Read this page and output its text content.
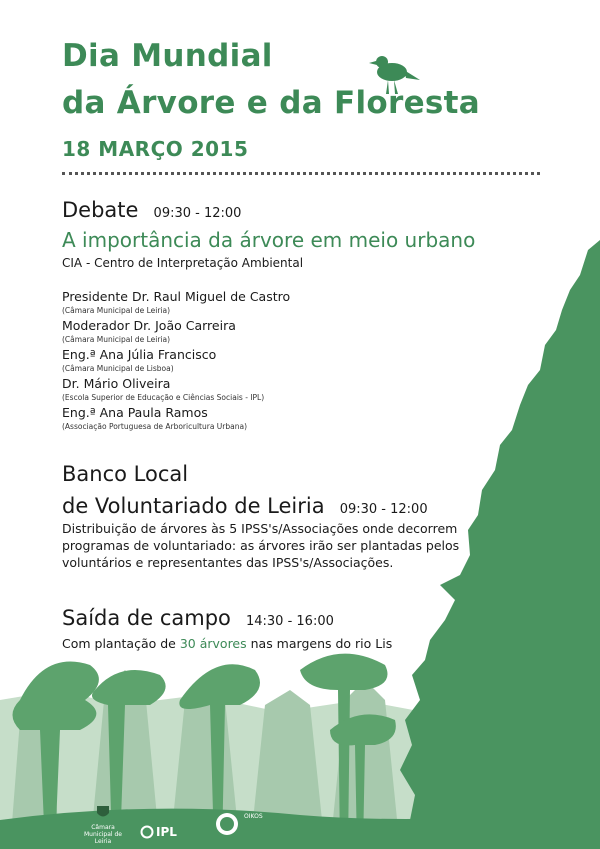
Dia Mundial
da Árvore e da Floresta
18 MARÇO 2015
Debate 09:30 - 12:00
A importância da árvore em meio urbano
CIA - Centro de Interpretação Ambiental
Presidente Dr. Raul Miguel de Castro
(Câmara Municipal de Leiria)
Moderador Dr. João Carreira
(Câmara Municipal de Leiria)
Eng.ª Ana Júlia Francisco
(Câmara Municipal de Lisboa)
Dr. Mário Oliveira
(Escola Superior de Educação e Ciências Sociais - IPL)
Eng.ª Ana Paula Ramos
(Associação Portuguesa de Arboricultura Urbana)
Banco Local
de Voluntariado de Leiria 09:30 - 12:00
Distribuição de árvores às 5 IPSS's/Associações onde decorrem programas de voluntariado: as árvores irão ser plantadas pelos voluntários e representantes das IPSS's/Associações.
Saída de campo 14:30 - 16:00
Com plantação de 30 árvores nas margens do rio Lis
Câmara Municipal de Leiria
IPL
OIKOS
